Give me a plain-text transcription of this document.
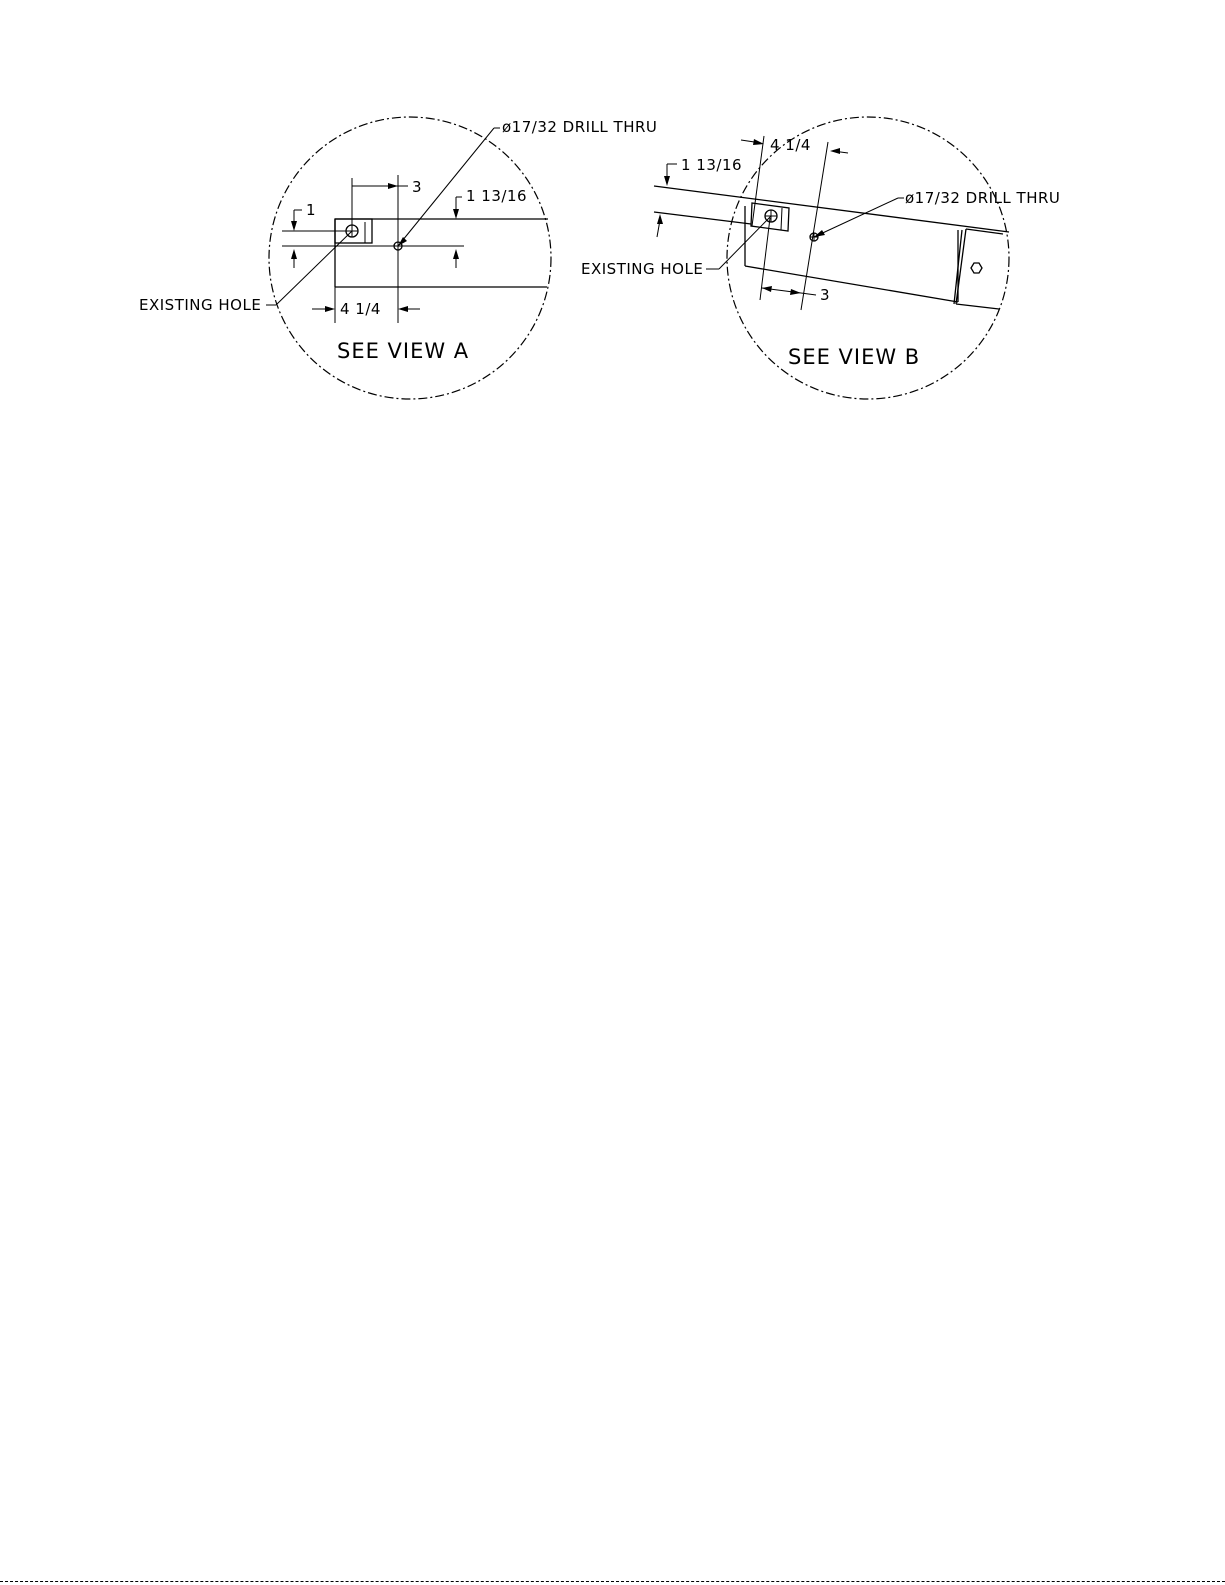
ø17/32 DRILL THRU
3
1
1 13/16
4 1/4
EXISTING HOLE
SEE VIEW A
ø17/32 DRILL THRU
1 13/16
4 1/4
3
EXISTING HOLE
SEE VIEW B
